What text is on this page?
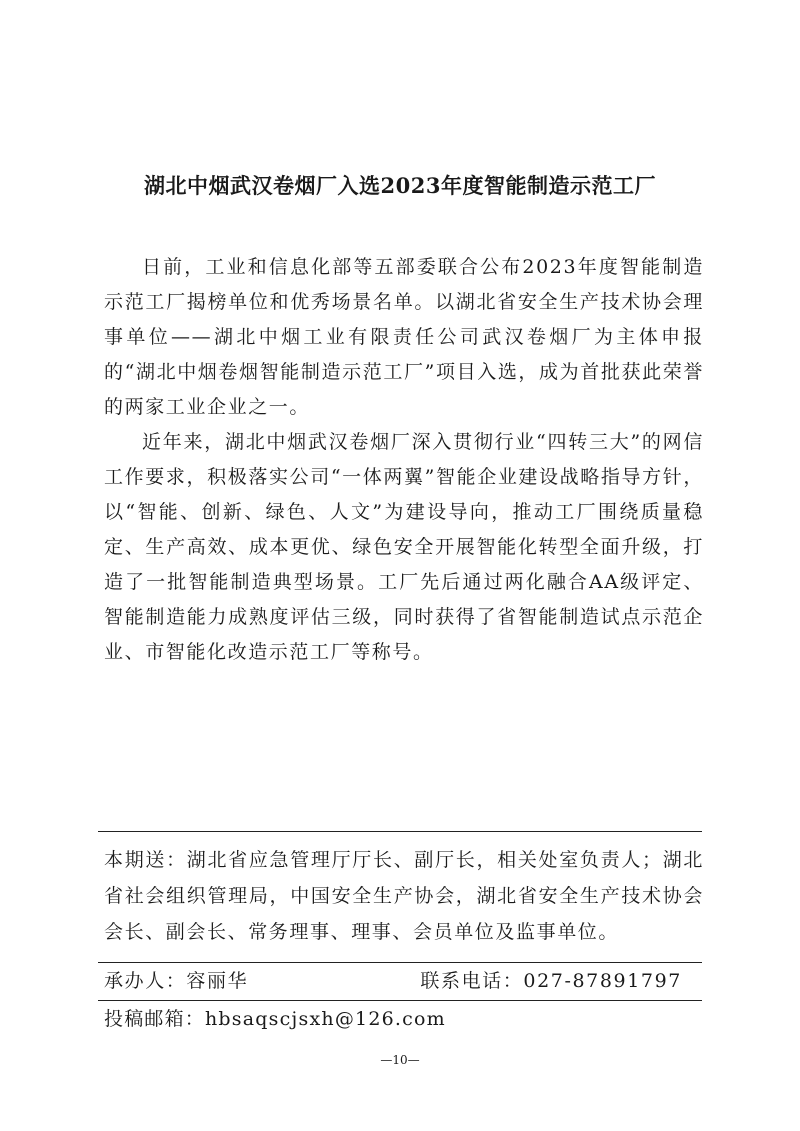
湖北中烟武汉卷烟厂入选2023年度智能制造示范工厂

日前，工业和信息化部等五部委联合公布2023年度智能制造示范工厂揭榜单位和优秀场景名单。以湖北省安全生产技术协会理事单位——湖北中烟工业有限责任公司武汉卷烟厂为主体申报的“湖北中烟卷烟智能制造示范工厂”项目入选，成为首批获此荣誉的两家工业企业之一。

近年来，湖北中烟武汉卷烟厂深入贯彻行业“四转三大”的网信工作要求，积极落实公司“一体两翼”智能企业建设战略指导方针，以“智能、创新、绿色、人文”为建设导向，推动工厂围绕质量稳定、生产高效、成本更优、绿色安全开展智能化转型全面升级，打造了一批智能制造典型场景。工厂先后通过两化融合AA级评定、智能制造能力成熟度评估三级，同时获得了省智能制造试点示范企业、市智能化改造示范工厂等称号。

本期送：湖北省应急管理厅厅长、副厅长，相关处室负责人；湖北省社会组织管理局，中国安全生产协会，湖北省安全生产技术协会会长、副会长、常务理事、理事、会员单位及监事单位。
承办人：容丽华	联系电话：027-87891797
投稿邮箱：hbsaqscjsxh@126.com
—10—
